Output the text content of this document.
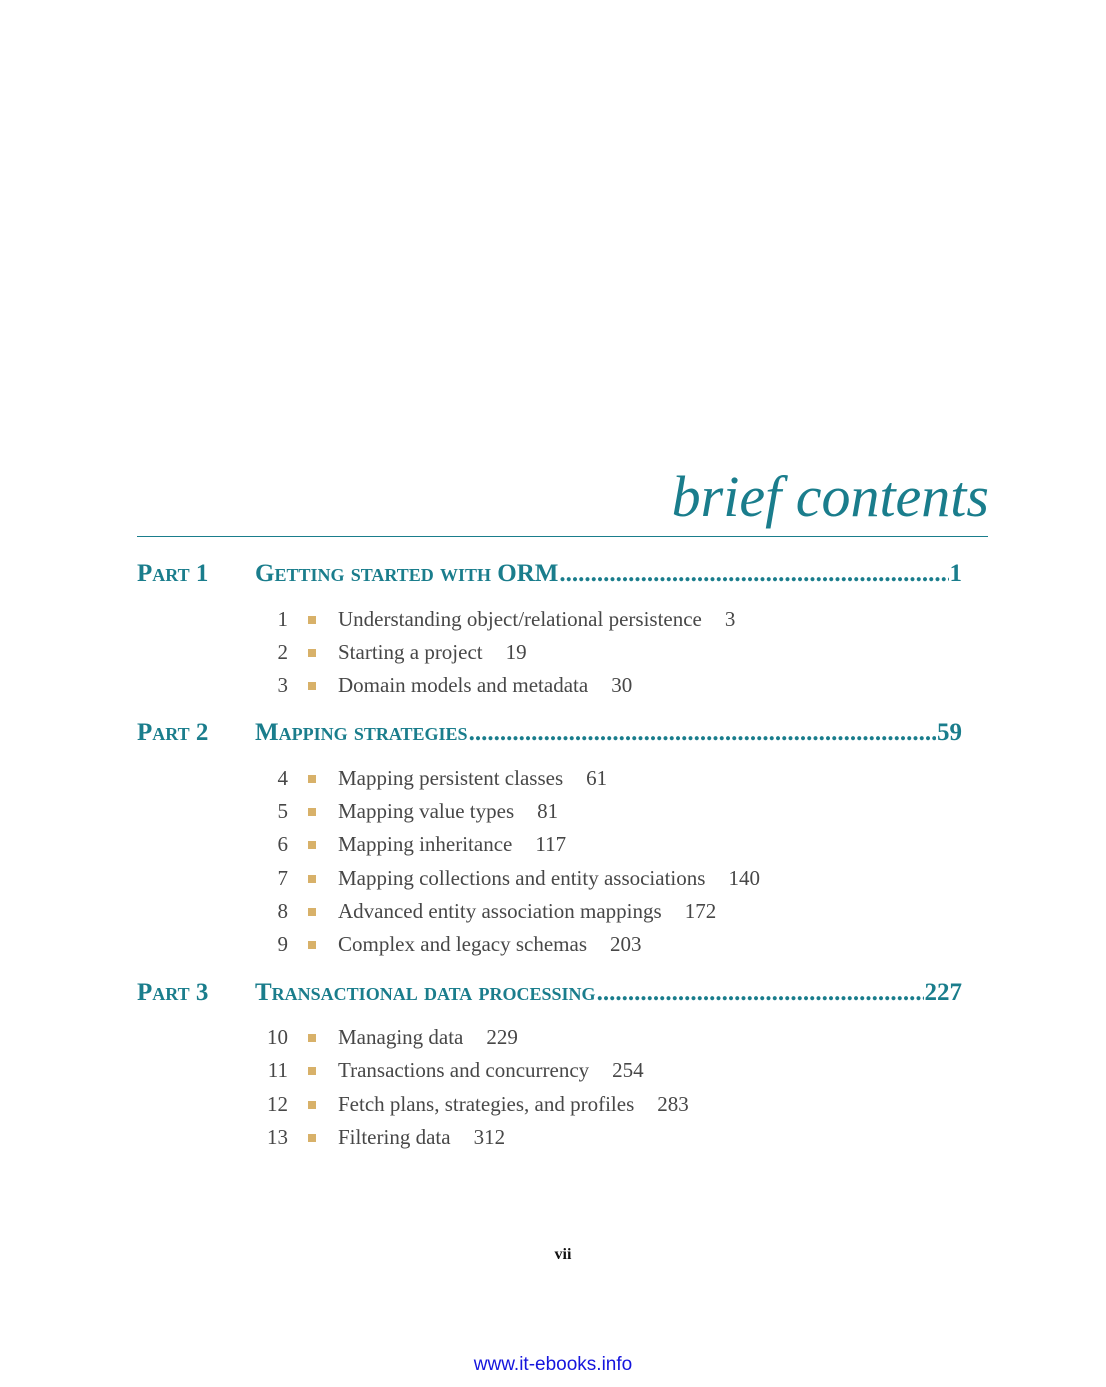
brief contents
Part 1	Getting started with ORM .....	1
1 Understanding object/relational persistence 3
2 Starting a project 19
3 Domain models and metadata 30
Part 2	Mapping strategies .....	59
4 Mapping persistent classes 61
5 Mapping value types 81
6 Mapping inheritance 117
7 Mapping collections and entity associations 140
8 Advanced entity association mappings 172
9 Complex and legacy schemas 203
Part 3	Transactional data processing .....	227
10 Managing data 229
11 Transactions and concurrency 254
12 Fetch plans, strategies, and profiles 283
13 Filtering data 312
vii
www.it-ebooks.info
